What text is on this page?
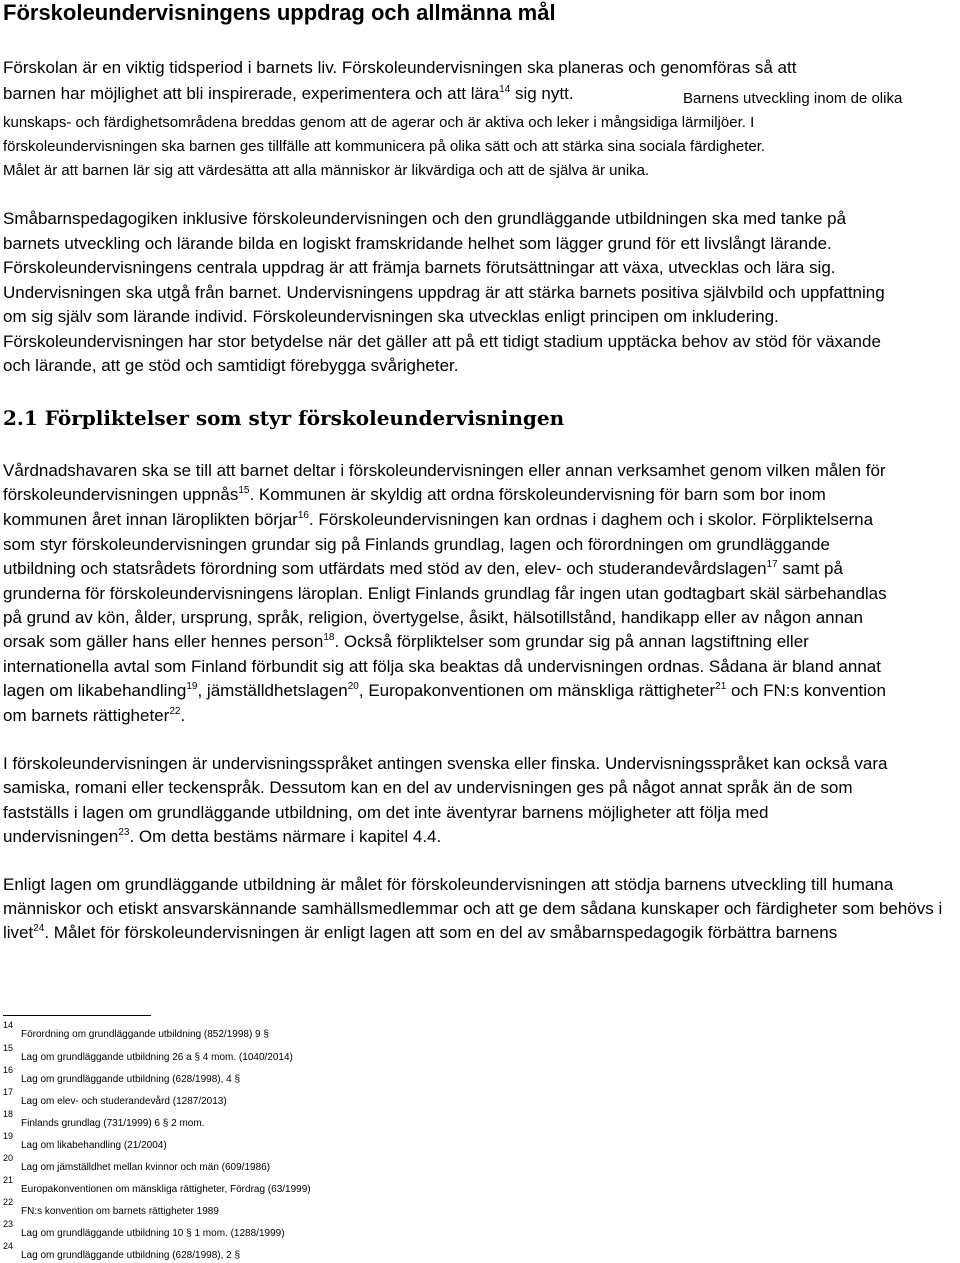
Förskoleundervisningens uppdrag och allmänna mål

Förskolan är en viktig tidsperiod i barnets liv. Förskoleundervisningen ska planeras och genomföras så att

barnen har möjlighet att bli inspirerade, experimentera och att lära$^{14}$ sig nytt.	Barnens utveckling inom de olika

kunskaps- och färdighetsområdena breddas genom att de agerar och är aktiva och leker i mångsidiga lärmiljöer. I

förskoleundervisningen ska barnen ges tillfälle att kommunicera på olika sätt och att stärka sina sociala färdigheter.

Målet är att barnen lär sig att värdesätta att alla människor är likvärdiga och att de själva är unika.

Småbarnspedagogiken inklusive förskoleundervisningen och den grundläggande utbildningen ska med tanke på

barnets utveckling och lärande bilda en logiskt framskridande helhet som lägger grund för ett livslångt lärande.

Förskoleundervisningens centrala uppdrag är att främja barnets förutsättningar att växa, utvecklas och lära sig.

Undervisningen ska utgå från barnet. Undervisningens uppdrag är att stärka barnets positiva självbild och uppfattning

om sig själv som lärande individ. Förskoleundervisningen ska utvecklas enligt principen om inkludering.

Förskoleundervisningen har stor betydelse när det gäller att på ett tidigt stadium upptäcka behov av stöd för växande

och lärande, att ge stöd och samtidigt förebygga svårigheter.

2.1 Förpliktelser som styr förskoleundervisningen

Vårdnadshavaren ska se till att barnet deltar i förskoleundervisningen eller annan verksamhet genom vilken målen för

förskoleundervisningen uppnås$^{15}$. Kommunen är skyldig att ordna förskoleundervisning för barn som bor inom

kommunen året innan läroplikten börjar$^{16}$. Förskoleundervisningen kan ordnas i daghem och i skolor. Förpliktelserna

som styr förskoleundervisningen grundar sig på Finlands grundlag, lagen och förordningen om grundläggande

utbildning och statsrådets förordning som utfärdats med stöd av den, elev- och studerandevårdslagen$^{17}$ samt på

grunderna för förskoleundervisningens läroplan. Enligt Finlands grundlag får ingen utan godtagbart skäl särbehandlas

på grund av kön, ålder, ursprung, språk, religion, övertygelse, åsikt, hälsotillstånd, handikapp eller av någon annan

orsak som gäller hans eller hennes person$^{18}$. Också förpliktelser som grundar sig på annan lagstiftning eller

internationella avtal som Finland förbundit sig att följa ska beaktas då undervisningen ordnas. Sådana är bland annat

lagen om likabehandling$^{19}$, jämställdhetslagen$^{20}$, Europakonventionen om mänskliga rättigheter$^{21}$ och FN:s konvention

om barnets rättigheter$^{22}$.

I förskoleundervisningen är undervisningsspråket antingen svenska eller finska. Undervisningsspråket kan också vara

samiska, romani eller teckenspråk. Dessutom kan en del av undervisningen ges på något annat språk än de som

fastställs i lagen om grundläggande utbildning, om det inte äventyrar barnens möjligheter att följa med

undervisningen$^{23}$. Om detta bestäms närmare i kapitel 4.4.

Enligt lagen om grundläggande utbildning är målet för förskoleundervisningen att stödja barnens utveckling till humana

människor och etiskt ansvarskännande samhällsmedlemmar och att ge dem sådana kunskaper och färdigheter som behövs i

livet$^{24}$. Målet för förskoleundervisningen är enligt lagen att som en del av småbarnspedagogik förbättra barnens

14
Förordning om grundläggande utbildning (852/1998) 9 §
15
Lag om grundläggande utbildning 26 a § 4 mom. (1040/2014)
16
Lag om grundläggande utbildning (628/1998), 4 §
17
Lag om elev- och studerandevård (1287/2013)
18
Finlands grundlag (731/1999) 6 § 2 mom.
19
Lag om likabehandling (21/2004)
20
Lag om jämställdhet mellan kvinnor och män (609/1986)
21
Europakonventionen om mänskliga rättigheter, Fördrag (63/1999)
22
FN:s konvention om barnets rättigheter 1989
23
Lag om grundläggande utbildning 10 § 1 mom. (1288/1999)
24
Lag om grundläggande utbildning (628/1998), 2 §
